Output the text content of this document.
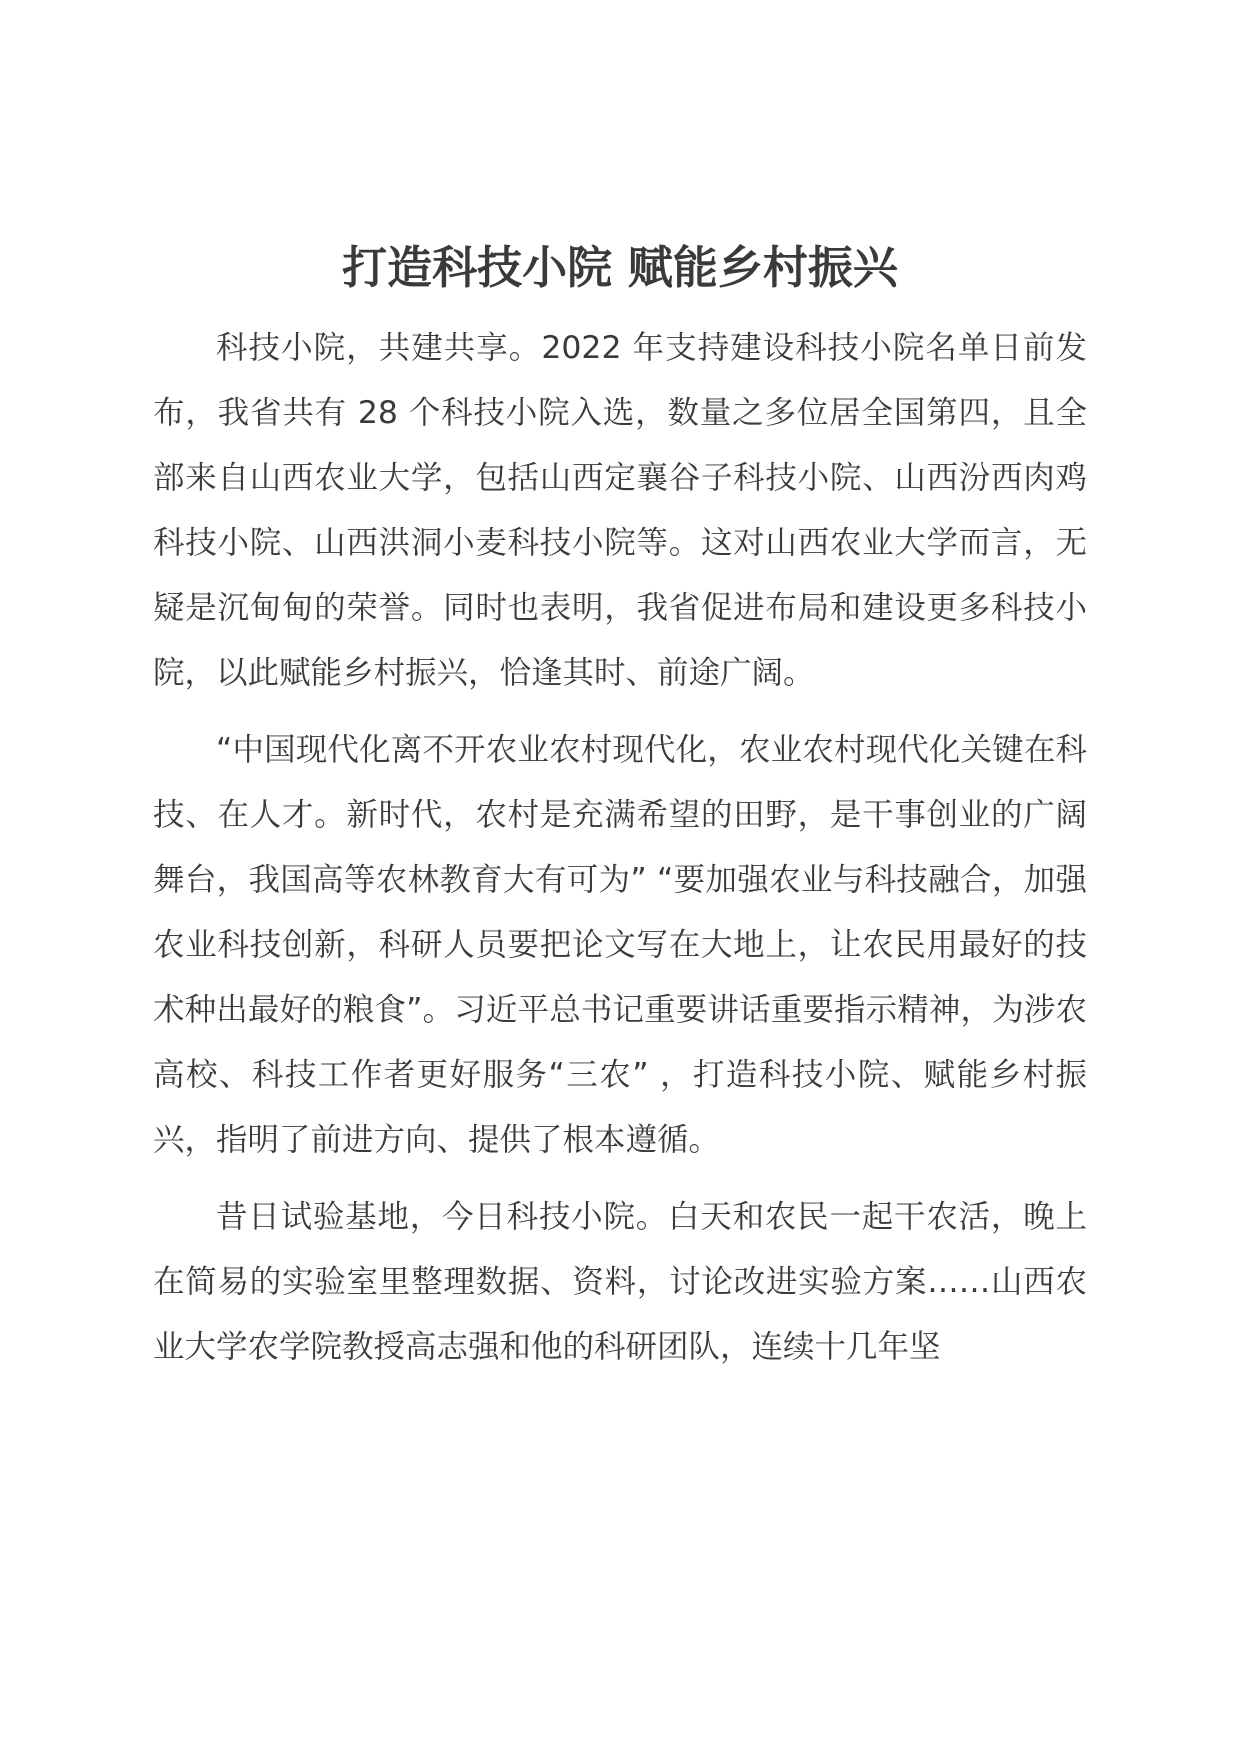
打造科技小院 赋能乡村振兴

科技小院，共建共享。2022 年支持建设科技小院名单日前发布，我省共有 28 个科技小院入选，数量之多位居全国第四，且全部来自山西农业大学，包括山西定襄谷子科技小院、山西汾西肉鸡科技小院、山西洪洞小麦科技小院等。这对山西农业大学而言，无疑是沉甸甸的荣誉。同时也表明，我省促进布局和建设更多科技小院，以此赋能乡村振兴，恰逢其时、前途广阔。

“中国现代化离不开农业农村现代化，农业农村现代化关键在科技、在人才。新时代，农村是充满希望的田野，是干事创业的广阔舞台，我国高等农林教育大有可为” “要加强农业与科技融合，加强农业科技创新，科研人员要把论文写在大地上，让农民用最好的技术种出最好的粮食”。习近平总书记重要讲话重要指示精神，为涉农高校、科技工作者更好服务“三农” ，打造科技小院、赋能乡村振兴，指明了前进方向、提供了根本遵循。

昔日试验基地，今日科技小院。白天和农民一起干农活，晚上在简易的实验室里整理数据、资料，讨论改进实验方案……山西农业大学农学院教授高志强和他的科研团队，连续十几年坚
